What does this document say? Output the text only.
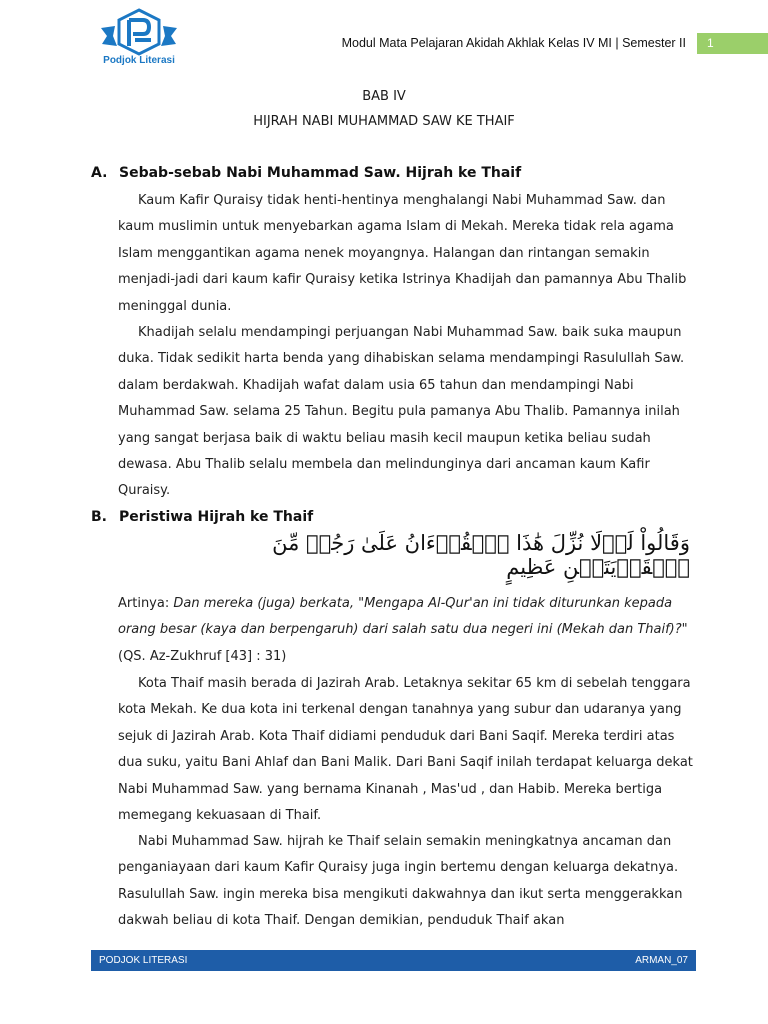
Podjok Literasi
Modul Mata Pelajaran Akidah Akhlak Kelas IV MI | Semester II	1
BAB IV
HIJRAH NABI MUHAMMAD SAW KE THAIF
A. Sebab-sebab Nabi Muhammad Saw. Hijrah ke Thaif
Kaum Kafir Quraisy tidak henti-hentinya menghalangi Nabi Muhammad Saw. dan kaum muslimin untuk menyebarkan agama Islam di Mekah. Mereka tidak rela agama Islam menggantikan agama nenek moyangnya. Halangan dan rintangan semakin menjadi-jadi dari kaum kafir Quraisy ketika Istrinya Khadijah dan pamannya Abu Thalib meninggal dunia.
Khadijah selalu mendampingi perjuangan Nabi Muhammad Saw. baik suka maupun duka. Tidak sedikit harta benda yang dihabiskan selama mendampingi Rasulullah Saw. dalam berdakwah. Khadijah wafat dalam usia 65 tahun dan mendampingi Nabi Muhammad Saw. selama 25 Tahun. Begitu pula pamanya Abu Thalib. Pamannya inilah yang sangat berjasa baik di waktu beliau masih kecil maupun ketika beliau sudah dewasa. Abu Thalib selalu membela dan melindunginya dari ancaman kaum Kafir Quraisy.
B. Peristiwa Hijrah ke Thaif
وَقَالُواْ لَوۡلَا نُزِّلَ هَٰذَا ٱلۡقُرۡءَانُ عَلَىٰ رَجُلٖ مِّنَ ٱلۡقَرۡيَتَيۡنِ عَظِيمٍ
Artinya: Dan mereka (juga) berkata, "Mengapa Al-Qur'an ini tidak diturunkan kepada orang besar (kaya dan berpengaruh) dari salah satu dua negeri ini (Mekah dan Thaif)?" (QS. Az-Zukhruf [43] : 31)
Kota Thaif masih berada di Jazirah Arab. Letaknya sekitar 65 km di sebelah tenggara kota Mekah. Ke dua kota ini terkenal dengan tanahnya yang subur dan udaranya yang sejuk di Jazirah Arab. Kota Thaif didiami penduduk dari Bani Saqif. Mereka terdiri atas dua suku, yaitu Bani Ahlaf dan Bani Malik. Dari Bani Saqif inilah terdapat keluarga dekat Nabi Muhammad Saw. yang bernama Kinanah , Mas'ud , dan Habib. Mereka bertiga memegang kekuasaan di Thaif.
Nabi Muhammad Saw. hijrah ke Thaif selain semakin meningkatnya ancaman dan penganiayaan dari kaum Kafir Quraisy juga ingin bertemu dengan keluarga dekatnya. Rasulullah Saw. ingin mereka bisa mengikuti dakwahnya dan ikut serta menggerakkan dakwah beliau di kota Thaif. Dengan demikian, penduduk Thaif akan
PODJOK LITERASI	ARMAN_07
